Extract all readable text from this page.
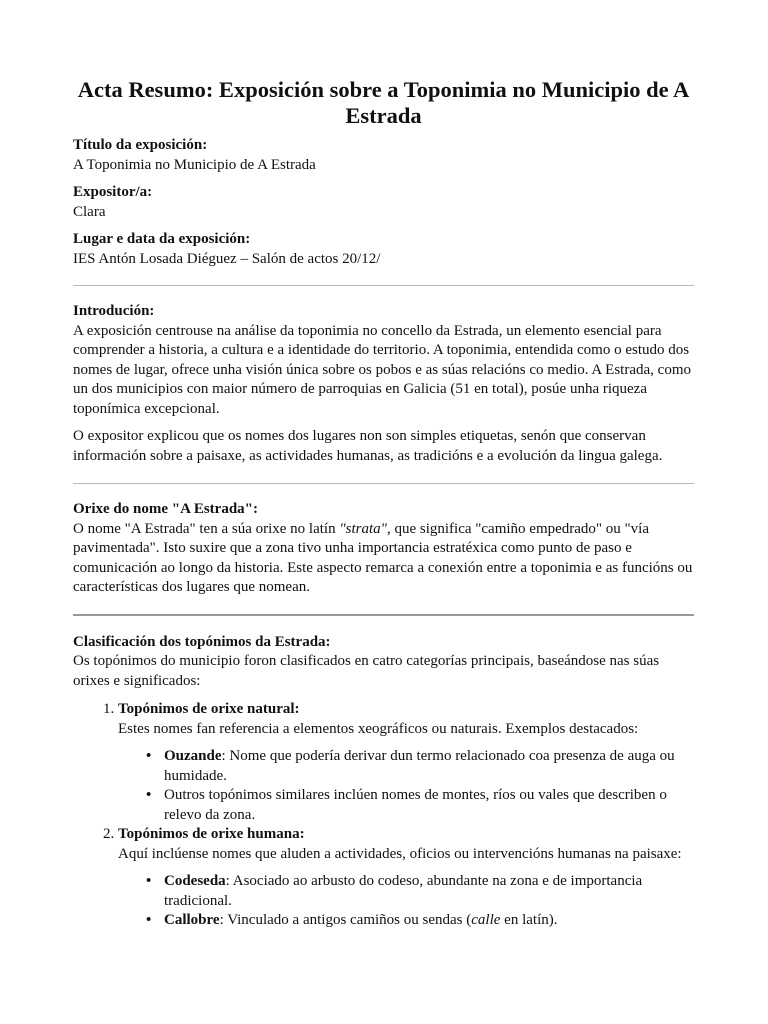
Acta Resumo: Exposición sobre a Toponimia no Municipio de A Estrada
Título da exposición:
A Toponimia no Municipio de A Estrada
Expositor/a:
Clara
Lugar e data da exposición:
IES Antón Losada Diéguez – Salón de actos 20/12/
Introdución:

A exposición centrouse na análise da toponimia no concello da Estrada, un elemento esencial para comprender a historia, a cultura e a identidade do territorio. A toponimia, entendida como o estudo dos nomes de lugar, ofrece unha visión única sobre os pobos e as súas relacións co medio. A Estrada, como un dos municipios con maior número de parroquias en Galicia (51 en total), posúe unha riqueza toponímica excepcional.

O expositor explicou que os nomes dos lugares non son simples etiquetas, senón que conservan información sobre a paisaxe, as actividades humanas, as tradicións e a evolución da lingua galega.

Orixe do nome "A Estrada":

O nome "A Estrada" ten a súa orixe no latín "strata", que significa "camiño empedrado" ou "vía pavimentada". Isto suxire que a zona tivo unha importancia estratéxica como punto de paso e comunicación ao longo da historia. Este aspecto remarca a conexión entre a toponimia e as funcións ou características dos lugares que nomean.

Clasificación dos topónimos da Estrada:

Os topónimos do municipio foron clasificados en catro categorías principais, baseándose nas súas orixes e significados:

1. Topónimos de orixe natural:
Estes nomes fan referencia a elementos xeográficos ou naturais. Exemplos destacados:
• Ouzande: Nome que podería derivar dun termo relacionado coa presenza de auga ou humidade.
• Outros topónimos similares inclúen nomes de montes, ríos ou vales que describen o relevo da zona.
2. Topónimos de orixe humana:
Aquí inclúense nomes que aluden a actividades, oficios ou intervencións humanas na paisaxe:
• Codeseda: Asociado ao arbusto do codeso, abundante na zona e de importancia tradicional.
• Callobre: Vinculado a antigos camiños ou sendas (calle en latín).
